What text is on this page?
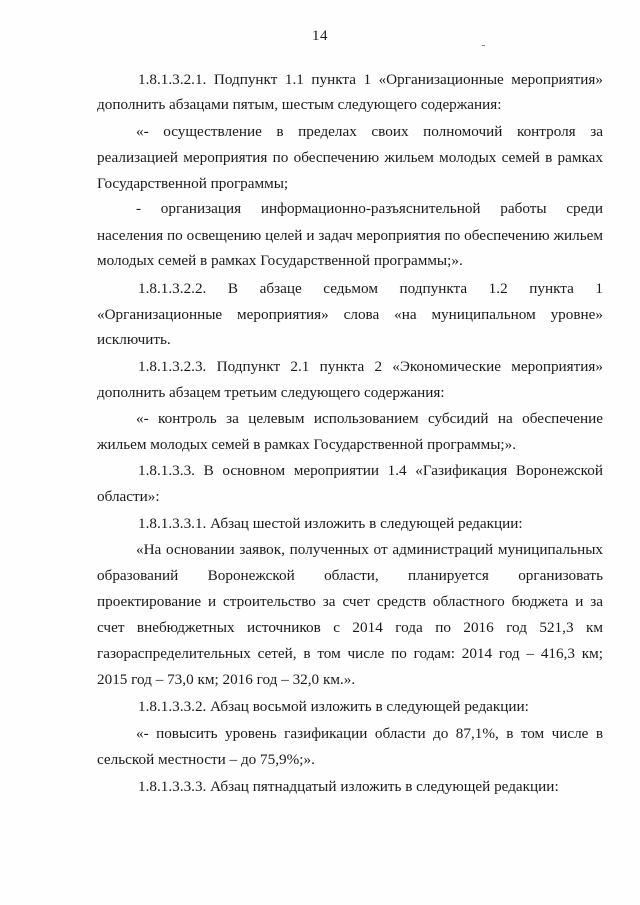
14
1.8.1.3.2.1. Подпункт 1.1 пункта 1 «Организационные мероприятия»
дополнить абзацами пятым, шестым следующего содержания:
«- осуществление в пределах своих полномочий контроля за
реализацией мероприятия по обеспечению жильем молодых семей в рамках
Государственной программы;
- организация информационно-разъяснительной работы среди
населения по освещению целей и задач мероприятия по обеспечению жильем
молодых семей в рамках Государственной программы;».
1.8.1.3.2.2. В абзаце седьмом подпункта 1.2 пункта 1
«Организационные мероприятия» слова «на муниципальном уровне»
исключить.
1.8.1.3.2.3. Подпункт 2.1 пункта 2 «Экономические мероприятия»
дополнить абзацем третьим следующего содержания:
«- контроль за целевым использованием субсидий на обеспечение
жильем молодых семей в рамках Государственной программы;».
1.8.1.3.3. В основном мероприятии 1.4 «Газификация Воронежской
области»:
1.8.1.3.3.1. Абзац шестой изложить в следующей редакции:
«На основании заявок, полученных от администраций муниципальных
образований Воронежской области, планируется организовать
проектирование и строительство за счет средств областного бюджета и за
счет внебюджетных источников с 2014 года по 2016 год 521,3 км
газораспределительных сетей, в том числе по годам: 2014 год – 416,3 км;
2015 год – 73,0 км; 2016 год – 32,0 км.».
1.8.1.3.3.2. Абзац восьмой изложить в следующей редакции:
«- повысить уровень газификации области до 87,1%, в том числе в
сельской местности – до 75,9%;».
1.8.1.3.3.3. Абзац пятнадцатый изложить в следующей редакции:
